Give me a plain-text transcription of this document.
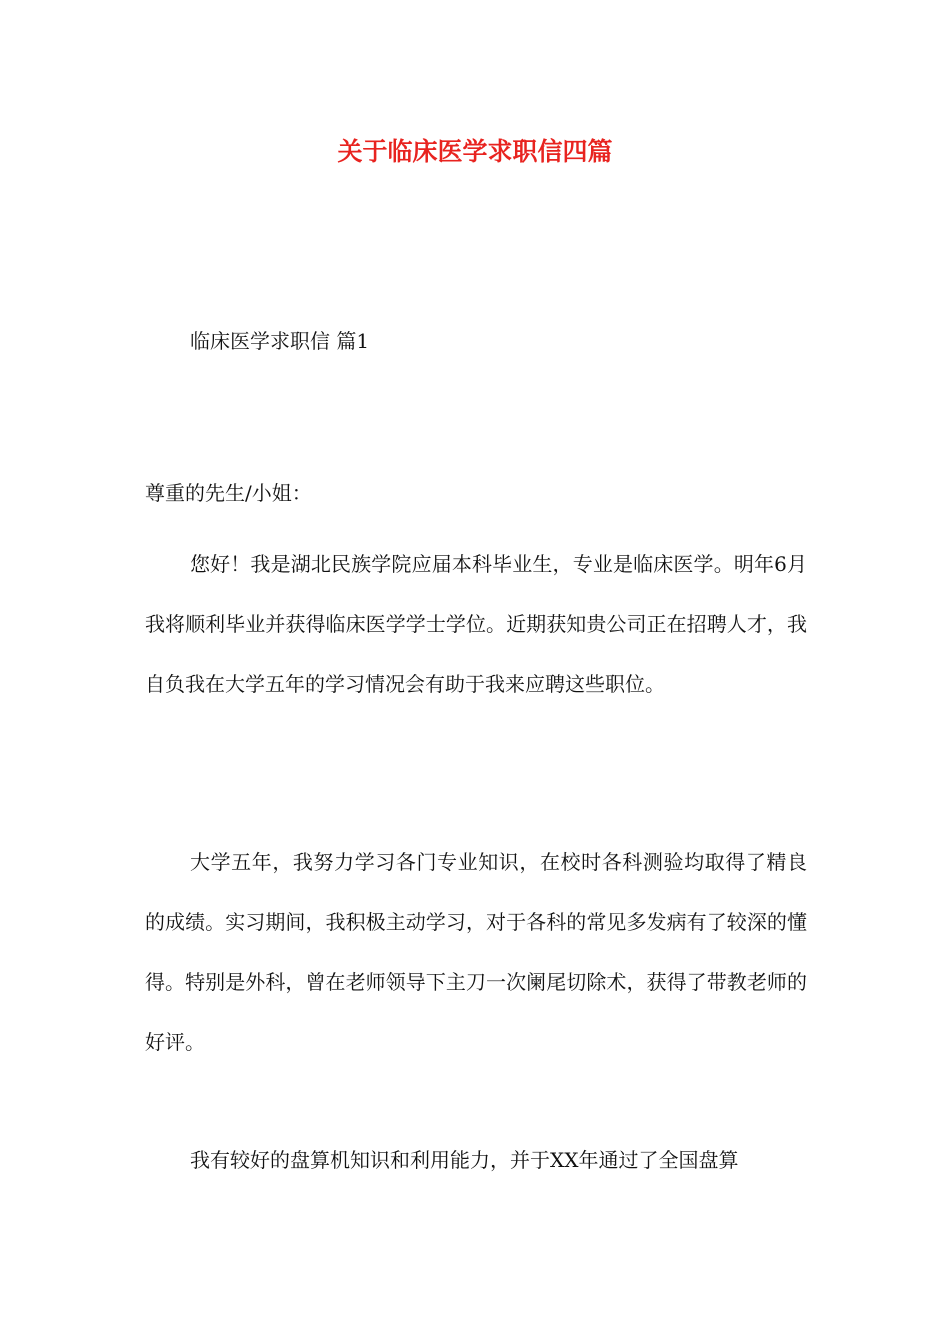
关于临床医学求职信四篇
临床医学求职信 篇1
尊重的先生/小姐：

您好！我是湖北民族学院应届本科毕业生，专业是临床医学。明年6月我将顺利毕业并获得临床医学学士学位。近期获知贵公司正在招聘人才，我自负我在大学五年的学习情况会有助于我来应聘这些职位。

大学五年，我努力学习各门专业知识，在校时各科测验均取得了精良的成绩。实习期间，我积极主动学习，对于各科的常见多发病有了较深的懂得。特别是外科，曾在老师领导下主刀一次阑尾切除术，获得了带教老师的好评。

我有较好的盘算机知识和利用能力，并于XX年通过了全国盘算
